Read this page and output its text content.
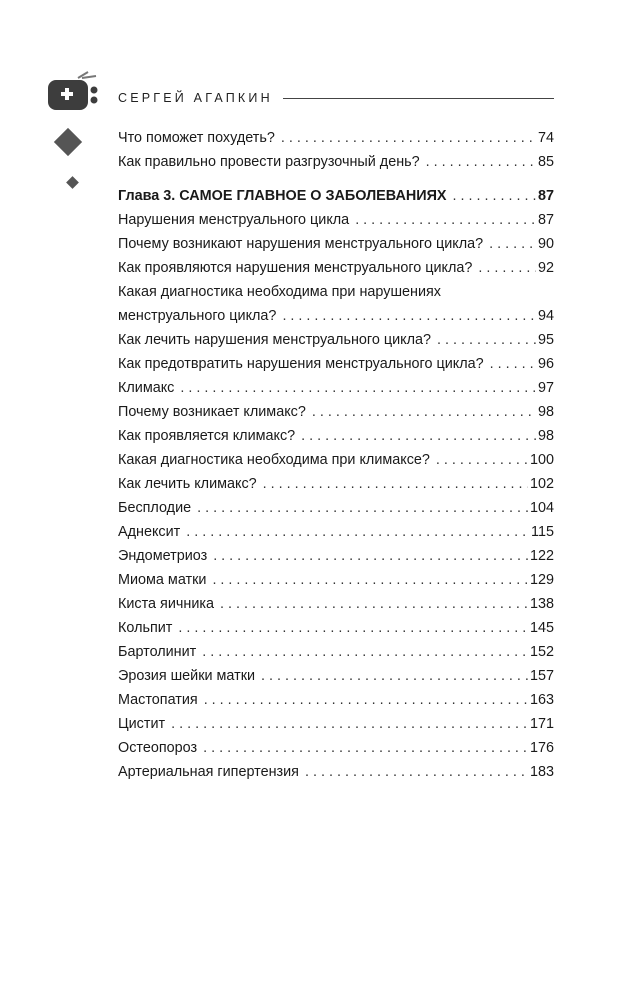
СЕРГЕЙ АГАПКИН
Что поможет похудеть? . . .	74
Как правильно провести разгрузочный день? . . .	85
Глава 3. САМОЕ ГЛАВНОЕ О ЗАБОЛЕВАНИЯХ . . .	87
Нарушения менструального цикла . . .	87
Почему возникают нарушения менструального цикла? . . .	90
Как проявляются нарушения менструального цикла? . . .	92
Какая диагностика необходима при нарушениях
менструального цикла? . . .	94
Как лечить нарушения менструального цикла? . . .	95
Как предотвратить нарушения менструального цикла? . . .	96
Климакс . . .	97
Почему возникает климакс? . . .	98
Как проявляется климакс? . . .	98
Какая диагностика необходима при климаксе? . . .	100
Как лечить климакс? . . .	102
Бесплодие . . .	104
Аднексит . . .	115
Эндометриоз . . .	122
Миома матки . . .	129
Киста яичника . . .	138
Кольпит . . .	145
Бартолинит . . .	152
Эрозия шейки матки . . .	157
Мастопатия . . .	163
Цистит . . .	171
Остеопороз . . .	176
Артериальная гипертензия . . .	183
